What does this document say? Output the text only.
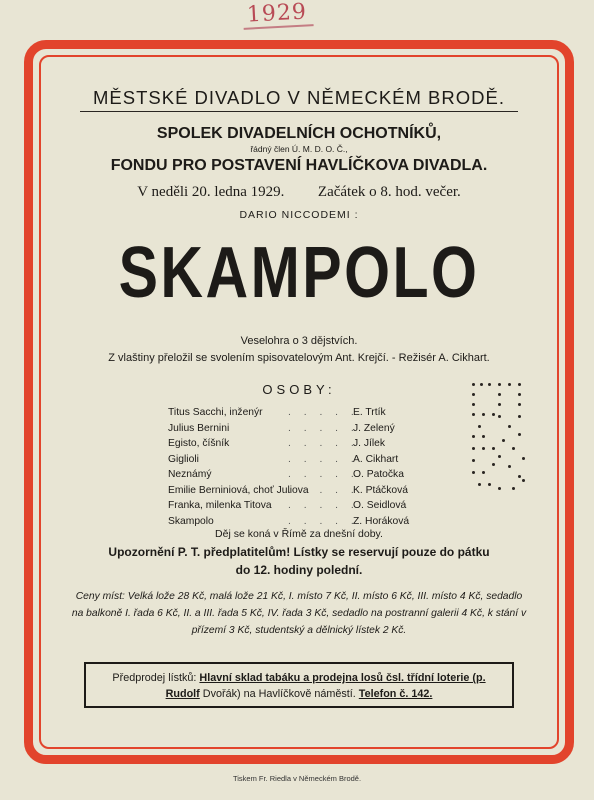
1929
MĚSTSKÉ DIVADLO V NĚMECKÉM BRODĚ.
SPOLEK DIVADELNÍCH OCHOTNÍKŮ,
řádný člen Ú. M. D. O. Č.,
FONDU PRO POSTAVENÍ HAVLÍČKOVA DIVADLA.
V neděli 20. ledna 1929. Začátek o 8. hod. večer.
DARIO NICCODEMI :
SKAMPOLO
Veselohra o 3 dějstvích.
Z vlaštiny přeložil se svolením spisovatelovým Ant. Krejčí. - Režisér A. Cikhart.
OSOBY:
Titus Sacchi, inženýr	E. Trtík
. . . . .
Julius Bernini	J. Zelený
. . . . .
Egisto, číšník	J. Jílek
. . . . .
Giglioli	A. Cikhart
. . . . .
Neznámý	O. Patočka
. . . . .
Emilie Berniniová, choť Juliova	K. Ptáčková
. . . . .
Franka, milenka Titova	O. Seidlová
. . . . .
Skampolo	Z. Horáková
. . . . .
Děj se koná v Římě za dnešní doby.
Upozornění P. T. předplatitelům! Lístky se reservují pouze do pátku
do 12. hodiny polední.
Ceny míst: Velká lože 28 Kč, malá lože 21 Kč, I. místo 7 Kč, II. místo 6 Kč, III. místo 4 Kč, sedadlo na balkoně I. řada 6 Kč, II. a III. řada 5 Kč, IV. řada 3 Kč, sedadlo na postranní galerii 4 Kč, k stání v přízemí 3 Kč, studentský a dělnický lístek 2 Kč.
Předprodej lístků: Hlavní sklad tabáku a prodejna losů čsl. třídní loterie (p. Rudolf Dvořák) na Havlíčkově náměstí. Telefon č. 142.
Tiskem Fr. Riedla v Německém Brodě.
